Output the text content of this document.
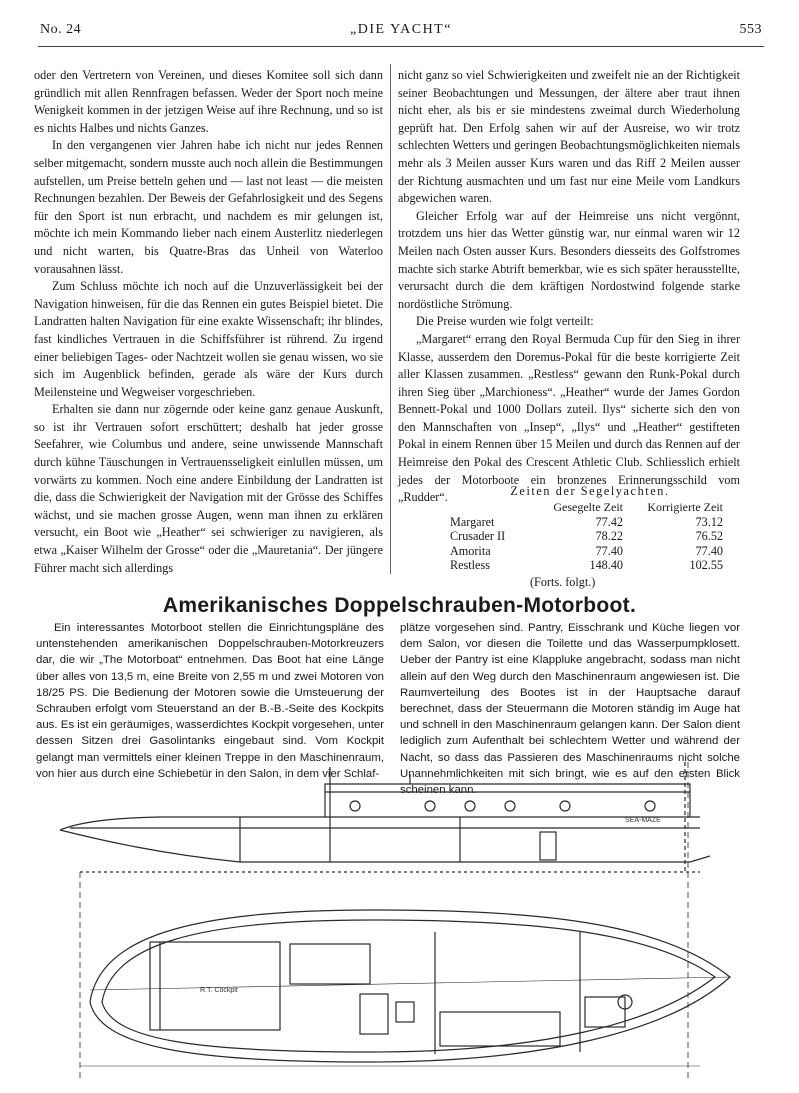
No. 24	„DIE YACHT“	553

oder den Vertretern von Vereinen, und dieses Komitee soll sich dann gründlich mit allen Rennfragen befassen. Weder der Sport noch meine Wenigkeit kommen in der jetzigen Weise auf ihre Rechnung, und so ist es nichts Halbes und nichts Ganzes.

In den vergangenen vier Jahren habe ich nicht nur jedes Rennen selber mitgemacht, sondern musste auch noch allein die Bestimmungen aufstellen, um Preise betteln gehen und — last not least — die meisten Rechnungen bezahlen. Der Beweis der Gefahrlosigkeit und des Segens für den Sport ist nun erbracht, und nachdem es mir gelungen ist, möchte ich mein Kommando lieber nach einem Austerlitz niederlegen und nicht warten, bis Quatre-Bras das Unheil von Waterloo vorausahnen lässt.

Zum Schluss möchte ich noch auf die Unzuverlässigkeit bei der Navigation hinweisen, für die das Rennen ein gutes Beispiel bietet. Die Landratten halten Navigation für eine exakte Wissenschaft; ihr blindes, fast kindliches Vertrauen in die Schiffsführer ist rührend. Zu irgend einer beliebigen Tages- oder Nachtzeit wollen sie genau wissen, wo sie sich im Augenblick befinden, gerade als wäre der Kurs durch Meilensteine und Wegweiser vorgeschrieben.

Erhalten sie dann nur zögernde oder keine ganz genaue Auskunft, so ist ihr Vertrauen sofort erschüttert; deshalb hat jeder grosse Seefahrer, wie Columbus und andere, seine unwissende Mannschaft durch kühne Täuschungen in Vertrauensseligkeit einlullen müssen, um vorwärts zu kommen. Noch eine andere Einbildung der Landratten ist die, dass die Schwierigkeit der Navigation mit der Grösse des Schiffes wächst, und sie machen grosse Augen, wenn man ihnen zu erklären versucht, ein Boot wie „Heather“ sei schwieriger zu navigieren, als etwa „Kaiser Wilhelm der Grosse“ oder die „Mauretania“. Der jüngere Führer macht sich allerdings

nicht ganz so viel Schwierigkeiten und zweifelt nie an der Richtigkeit seiner Beobachtungen und Messungen, der ältere aber traut ihnen nicht eher, als bis er sie mindestens zweimal durch Wiederholung geprüft hat. Den Erfolg sahen wir auf der Ausreise, wo wir trotz schlechten Wetters und geringen Beobachtungsmöglichkeiten niemals mehr als 3 Meilen ausser Kurs waren und das Riff 2 Meilen ausser der Richtung ausmachten und um fast nur eine Meile vom Landkurs abgewichen waren.

Gleicher Erfolg war auf der Heimreise uns nicht vergönnt, trotzdem uns hier das Wetter günstig war, nur einmal waren wir 12 Meilen nach Osten ausser Kurs. Besonders diesseits des Golfstromes machte sich starke Abtrift bemerkbar, wie es sich später herausstellte, verursacht durch die dem kräftigen Nordostwind folgende starke nordöstliche Strömung.

Die Preise wurden wie folgt verteilt:

„Margaret“ errang den Royal Bermuda Cup für den Sieg in ihrer Klasse, ausserdem den Doremus-Pokal für die beste korrigierte Zeit aller Klassen zusammen. „Restless“ gewann den Runk-Pokal durch ihren Sieg über „Marchioness“. „Heather“ wurde der James Gordon Bennett-Pokal und 1000 Dollars zuteil. Ilys“ sicherte sich den von den Mannschaften von „Insep“, „Ilys“ und „Heather“ gestifteten Pokal in einem Rennen über 15 Meilen und durch das Rennen auf der Heimreise den Pokal des Crescent Athletic Club. Schliesslich erhielt jedes der Motorboote ein bronzenes Erinnerungsschild vom „Rudder“.	Zeiten der Segelyachten.
	Gesegelte Zeit	Korrigierte Zeit
Margaret	77.42	73.12
Crusader II	78.22	76.52
Amorita	77.40	77.40
Restless	148.40	102.55
(Forts. folgt.)
Amerikanisches Doppelschrauben-Motorboot.

Ein interessantes Motorboot stellen die Einrichtungspläne des untenstehenden amerikanischen Doppelschrauben-Motorkreuzers dar, die wir „The Motorboat“ entnehmen. Das Boot hat eine Länge über alles von 13,5 m, eine Breite von 2,55 m und zwei Motoren von 18/25 PS. Die Bedienung der Motoren sowie die Umsteuerung der Schrauben erfolgt vom Steuerstand an der B.-B.-Seite des Kockpits aus. Es ist ein geräumiges, wasserdichtes Kockpit vorgesehen, unter dessen Sitzen drei Gasolintanks eingebaut sind. Vom Kockpit gelangt man vermittels einer kleinen Treppe in den Maschinenraum, von hier aus durch eine Schiebetür in den Salon, in dem vier Schlaf-

plätze vorgesehen sind. Pantry, Eisschrank und Küche liegen vor dem Salon, vor diesen die Toilette und das Wasserpumpklosett. Ueber der Pantry ist eine Klappluke angebracht, sodass man nicht allein auf den Weg durch den Maschinenraum angewiesen ist. Die Raumverteilung des Bootes ist in der Hauptsache darauf berechnet, dass der Steuermann die Motoren ständig im Auge hat und schnell in den Maschinenraum gelangen kann. Der Salon dient lediglich zum Aufenthalt bei schlechtem Wetter und während der Nacht, so dass das Passieren des Maschinenraums nicht solche Unannehmlichkeiten mit sich bringt, wie es auf den ersten Blick scheinen kann.

SEA-MAZE
R.T. Cockpit
